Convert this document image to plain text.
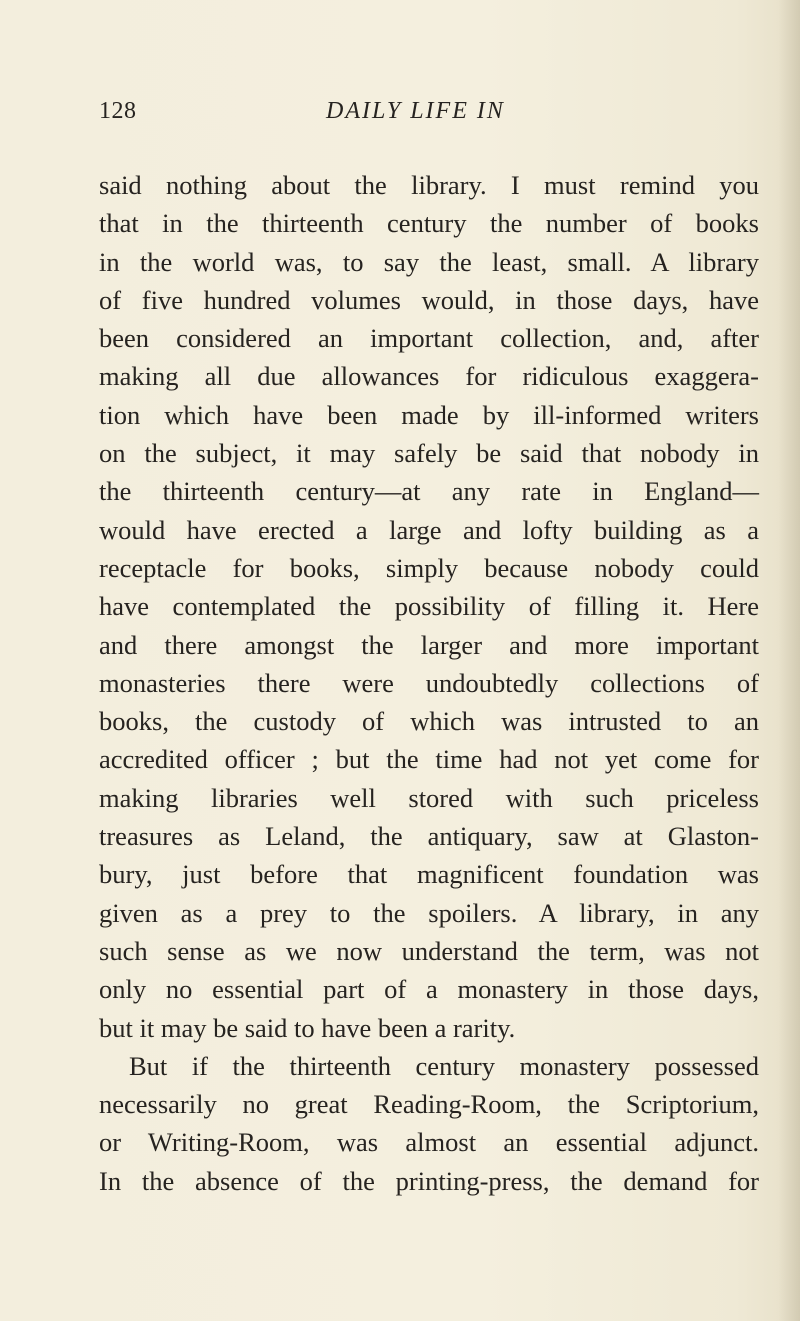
128	DAILY LIFE IN
said nothing about the library. I must remind you
that in the thirteenth century the number of books
in the world was, to say the least, small. A library
of five hundred volumes would, in those days, have
been considered an important collection, and, after
making all due allowances for ridiculous exaggera-
tion which have been made by ill-informed writers
on the subject, it may safely be said that nobody in
the thirteenth century—at any rate in England—
would have erected a large and lofty building as a
receptacle for books, simply because nobody could
have contemplated the possibility of filling it. Here
and there amongst the larger and more important
monasteries there were undoubtedly collections of
books, the custody of which was intrusted to an
accredited officer ; but the time had not yet come for
making libraries well stored with such priceless
treasures as Leland, the antiquary, saw at Glaston-
bury, just before that magnificent foundation was
given as a prey to the spoilers. A library, in any
such sense as we now understand the term, was not
only no essential part of a monastery in those days,
but it may be said to have been a rarity.
But if the thirteenth century monastery possessed
necessarily no great Reading-Room, the Scriptorium,
or Writing-Room, was almost an essential adjunct.
In the absence of the printing-press, the demand for
